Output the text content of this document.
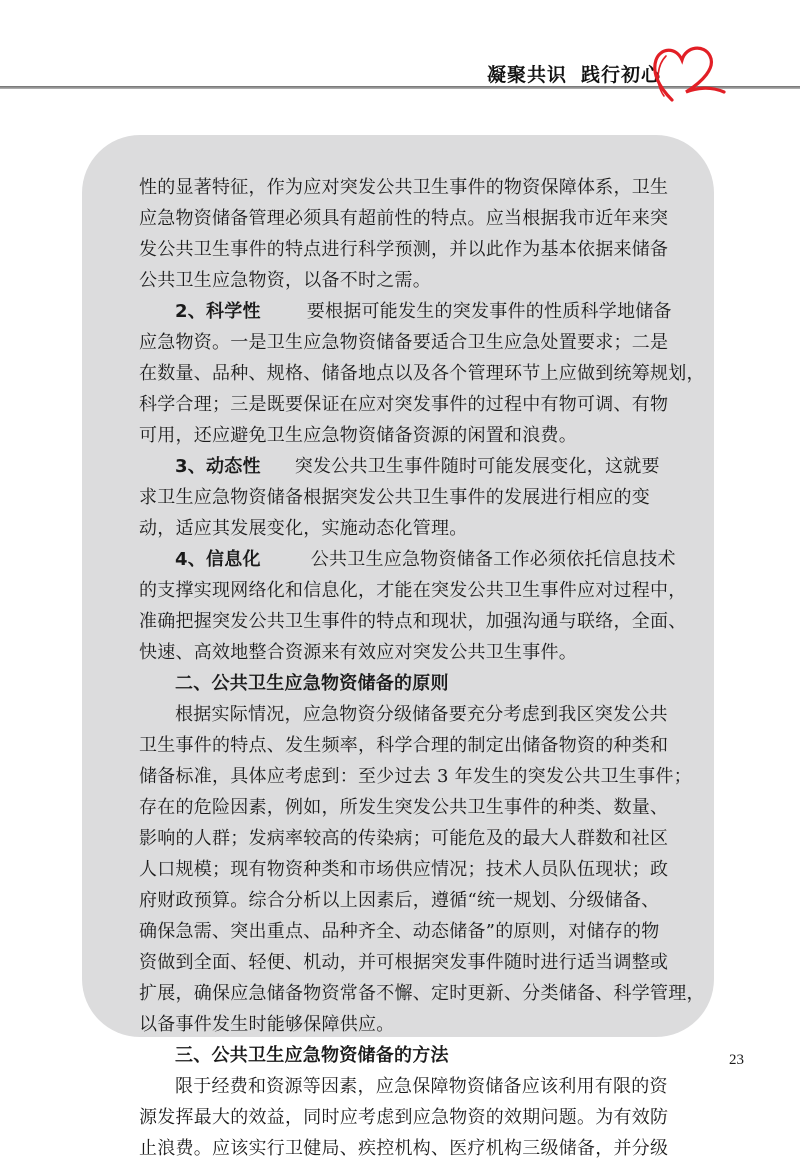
凝聚共识 践行初心
性的显著特征，作为应对突发公共卫生事件的物资保障体系，卫生
应急物资储备管理必须具有超前性的特点。应当根据我市近年来突
发公共卫生事件的特点进行科学预测，并以此作为基本依据来储备
公共卫生应急物资，以备不时之需。
2、科学性	要根据可能发生的突发事件的性质科学地储备
应急物资。一是卫生应急物资储备要适合卫生应急处置要求；二是
在数量、品种、规格、储备地点以及各个管理环节上应做到统筹规划，
科学合理；三是既要保证在应对突发事件的过程中有物可调、有物
可用，还应避免卫生应急物资储备资源的闲置和浪费。
3、动态性 突发公共卫生事件随时可能发展变化，这就要
求卫生应急物资储备根据突发公共卫生事件的发展进行相应的变
动，适应其发展变化，实施动态化管理。
4、信息化	公共卫生应急物资储备工作必须依托信息技术
的支撑实现网络化和信息化，才能在突发公共卫生事件应对过程中，
准确把握突发公共卫生事件的特点和现状，加强沟通与联络，全面、
快速、高效地整合资源来有效应对突发公共卫生事件。
二、公共卫生应急物资储备的原则
根据实际情况，应急物资分级储备要充分考虑到我区突发公共
卫生事件的特点、发生频率，科学合理的制定出储备物资的种类和
储备标准，具体应考虑到：至少过去 3 年发生的突发公共卫生事件；
存在的危险因素，例如，所发生突发公共卫生事件的种类、数量、
影响的人群；发病率较高的传染病；可能危及的最大人群数和社区
人口规模；现有物资种类和市场供应情况；技术人员队伍现状；政
府财政预算。综合分析以上因素后，遵循“统一规划、分级储备、
确保急需、突出重点、品种齐全、动态储备”的原则，对储存的物
资做到全面、轻便、机动，并可根据突发事件随时进行适当调整或
扩展，确保应急储备物资常备不懈、定时更新、分类储备、科学管理，
以备事件发生时能够保障供应。
三、公共卫生应急物资储备的方法
限于经费和资源等因素，应急保障物资储备应该利用有限的资
源发挥最大的效益，同时应考虑到应急物资的效期问题。为有效防
止浪费。应该实行卫健局、疾控机构、医疗机构三级储备，并分级
23
